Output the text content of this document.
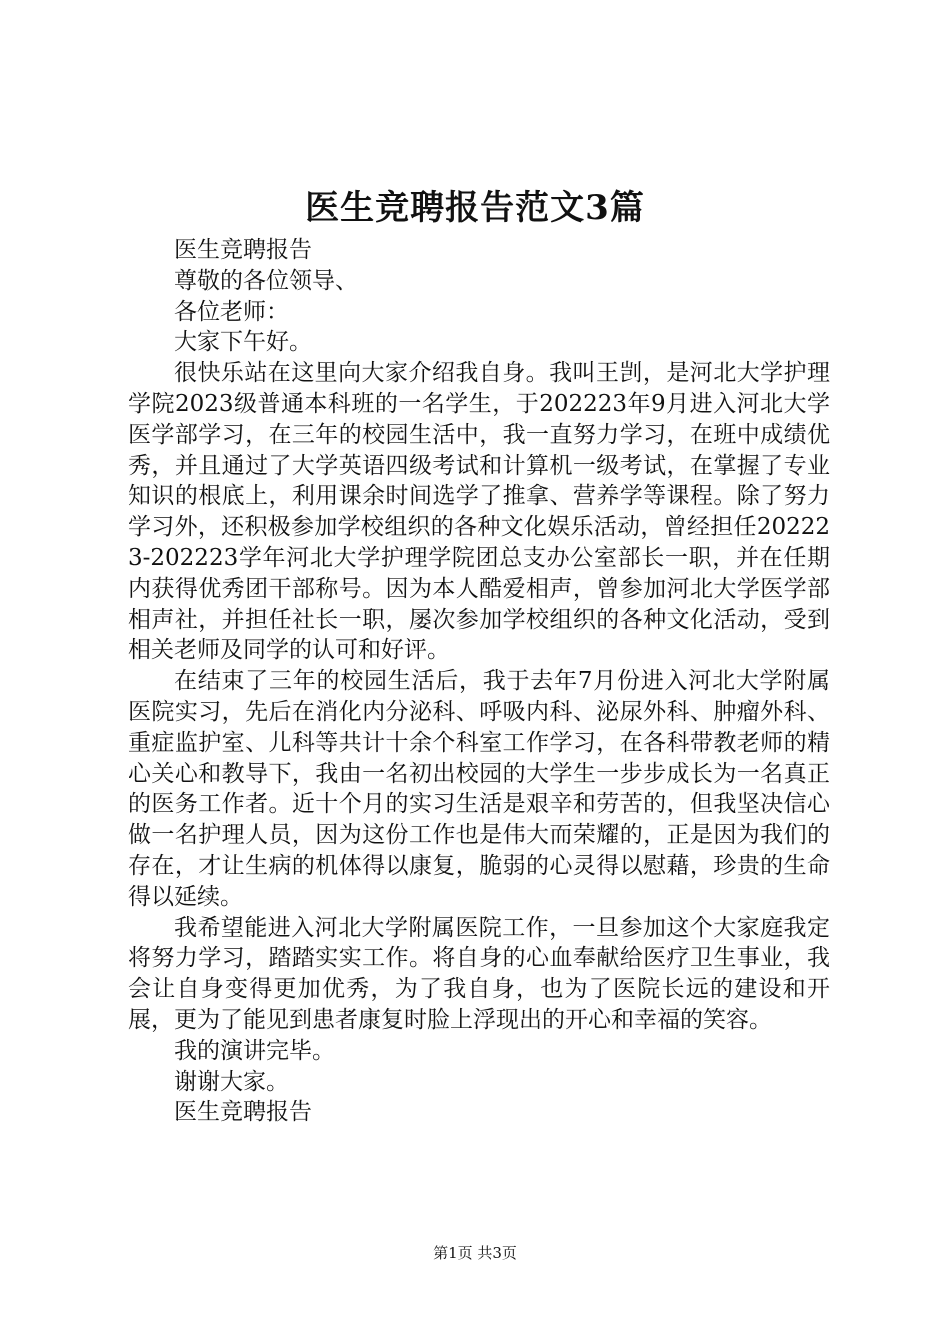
医生竞聘报告范文3篇

医生竞聘报告

尊敬的各位领导、

各位老师：

大家下午好。

很快乐站在这里向大家介绍我自身。我叫王剀，是河北大学护理学院2023级普通本科班的一名学生，于202223年9月进入河北大学医学部学习，在三年的校园生活中，我一直努力学习，在班中成绩优秀，并且通过了大学英语四级考试和计算机一级考试，在掌握了专业知识的根底上，利用课余时间选学了推拿、营养学等课程。除了努力学习外，还积极参加学校组织的各种文化娱乐活动，曾经担任202223-202223学年河北大学护理学院团总支办公室部长一职，并在任期内获得优秀团干部称号。因为本人酷爱相声，曾参加河北大学医学部相声社，并担任社长一职，屡次参加学校组织的各种文化活动，受到相关老师及同学的认可和好评。

在结束了三年的校园生活后，我于去年7月份进入河北大学附属医院实习，先后在消化内分泌科、呼吸内科、泌尿外科、肿瘤外科、重症监护室、儿科等共计十余个科室工作学习，在各科带教老师的精心关心和教导下，我由一名初出校园的大学生一步步成长为一名真正的医务工作者。近十个月的实习生活是艰辛和劳苦的，但我坚决信心做一名护理人员，因为这份工作也是伟大而荣耀的，正是因为我们的存在，才让生病的机体得以康复，脆弱的心灵得以慰藉，珍贵的生命得以延续。

我希望能进入河北大学附属医院工作，一旦参加这个大家庭我定将努力学习，踏踏实实工作。将自身的心血奉献给医疗卫生事业，我会让自身变得更加优秀，为了我自身，也为了医院长远的建设和开展，更为了能见到患者康复时脸上浮现出的开心和幸福的笑容。

我的演讲完毕。

谢谢大家。

医生竞聘报告

第1页 共3页
